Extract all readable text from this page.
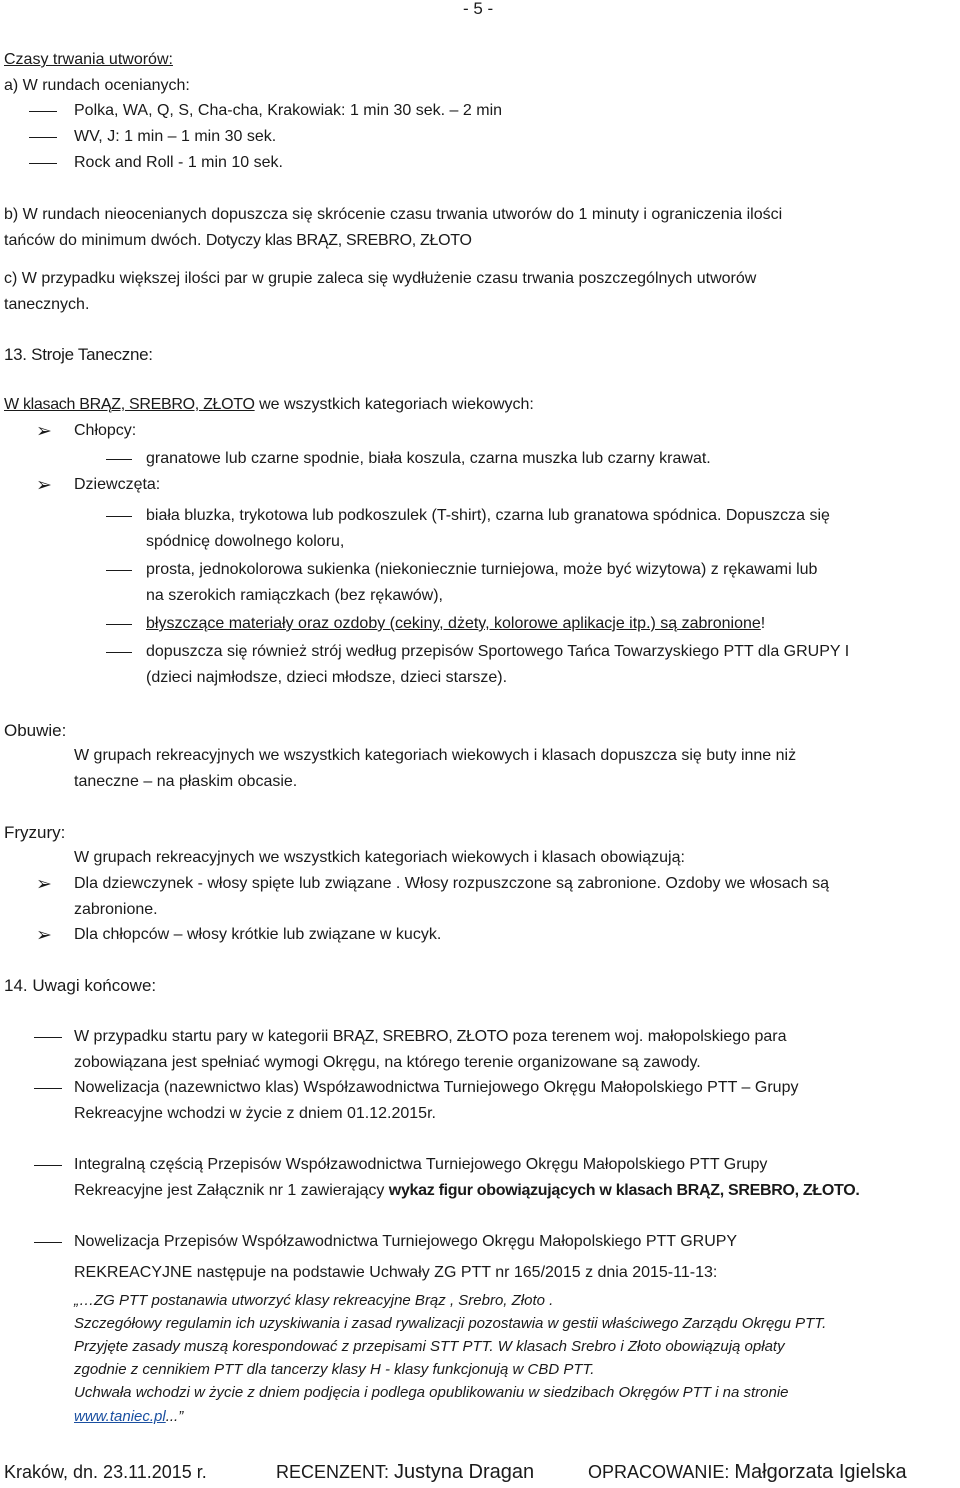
- 5 -
Czasy trwania utworów:
a) W rundach ocenianych:
Polka, WA, Q, S, Cha-cha, Krakowiak: 1 min 30 sek. – 2 min
WV, J: 1 min – 1 min 30 sek.
Rock and Roll - 1 min 10 sek.
b) W rundach nieocenianych dopuszcza się skrócenie czasu trwania utworów do 1 minuty i ograniczenia ilości
tańców do minimum dwóch. Dotyczy klas BRĄZ, SREBRO, ZŁOTO
c) W przypadku większej ilości par w grupie zaleca się wydłużenie czasu trwania poszczególnych utworów
tanecznych.
13. Stroje Taneczne:
W klasach BRĄZ, SREBRO, ZŁOTO we wszystkich kategoriach wiekowych:
➢ Chłopcy:
granatowe lub czarne spodnie, biała koszula, czarna muszka lub czarny krawat.
➢ Dziewczęta:
biała bluzka, trykotowa lub podkoszulek (T-shirt), czarna lub granatowa spódnica. Dopuszcza się
spódnicę dowolnego koloru,
prosta, jednokolorowa sukienka (niekoniecznie turniejowa, może być wizytowa) z rękawami lub
na szerokich ramiączkach (bez rękawów),
błyszczące materiały oraz ozdoby (cekiny, dżety, kolorowe aplikacje itp.) są zabronione!
dopuszcza się również strój według przepisów Sportowego Tańca Towarzyskiego PTT dla GRUPY I
(dzieci najmłodsze, dzieci młodsze, dzieci starsze).
Obuwie:
W grupach rekreacyjnych we wszystkich kategoriach wiekowych i klasach dopuszcza się buty inne niż
taneczne – na płaskim obcasie.
Fryzury:
W grupach rekreacyjnych we wszystkich kategoriach wiekowych i klasach obowiązują:
➢ Dla dziewczynek - włosy spięte lub związane . Włosy rozpuszczone są zabronione. Ozdoby we włosach są
zabronione.
➢ Dla chłopców – włosy krótkie lub związane w kucyk.
14. Uwagi końcowe:
W przypadku startu pary w kategorii BRĄZ, SREBRO, ZŁOTO poza terenem woj. małopolskiego para
zobowiązana jest spełniać wymogi Okręgu, na którego terenie organizowane są zawody.
Nowelizacja (nazewnictwo klas) Współzawodnictwa Turniejowego Okręgu Małopolskiego PTT – Grupy
Rekreacyjne wchodzi w życie z dniem 01.12.2015r.
Integralną częścią Przepisów Współzawodnictwa Turniejowego Okręgu Małopolskiego PTT Grupy
Rekreacyjne jest Załącznik nr 1 zawierający wykaz figur obowiązujących w klasach BRĄZ, SREBRO, ZŁOTO.
Nowelizacja Przepisów Współzawodnictwa Turniejowego Okręgu Małopolskiego PTT GRUPY
REKREACYJNE następuje na podstawie Uchwały ZG PTT nr 165/2015 z dnia 2015-11-13:
„…ZG PTT postanawia utworzyć klasy rekreacyjne Brąz , Srebro, Złoto .
Szczegółowy regulamin ich uzyskiwania i zasad rywalizacji pozostawia w gestii właściwego Zarządu Okręgu PTT.
Przyjęte zasady muszą korespondować z przepisami STT PTT. W klasach Srebro i Złoto obowiązują opłaty
zgodnie z cennikiem PTT dla tancerzy klasy H - klasy funkcjonują w CBD PTT.
Uchwała wchodzi w życie z dniem podjęcia i podlega opublikowaniu w siedzibach Okręgów PTT i na stronie
www.taniec.pl...”
Kraków, dn. 23.11.2015 r.	RECENZENT: Justyna Dragan	OPRACOWANIE: Małgorzata Igielska
